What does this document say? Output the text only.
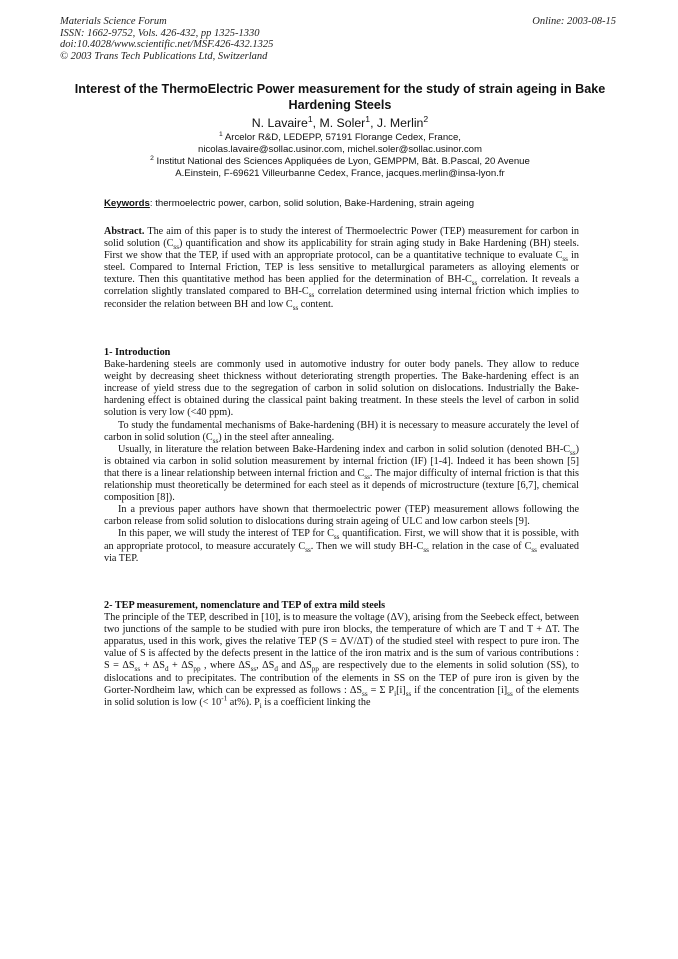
Materials Science Forum
ISSN: 1662-9752, Vols. 426-432, pp 1325-1330
doi:10.4028/www.scientific.net/MSF.426-432.1325
© 2003 Trans Tech Publications Ltd, Switzerland
Online: 2003-08-15
Interest of the ThermoElectric Power measurement for the study of strain ageing in Bake Hardening Steels
N. Lavaire$^1$, M. Soler$^1$, J. Merlin$^2$
$^1$ Arcelor R&D, LEDEPP, 57191 Florange Cedex, France,
nicolas.lavaire@sollac.usinor.com, michel.soler@sollac.usinor.com
$^2$ Institut National des Sciences Appliquées de Lyon, GEMPPM, Bât. B.Pascal, 20 Avenue
A.Einstein, F-69621 Villeurbanne Cedex, France, jacques.merlin@insa-lyon.fr
Keywords: thermoelectric power, carbon, solid solution, Bake-Hardening, strain ageing

Abstract. The aim of this paper is to study the interest of Thermoelectric Power (TEP) measurement for carbon in solid solution $(C_{ss})$ quantification and show its applicability for strain aging study in Bake Hardening (BH) steels. First we show that the TEP, if used with an appropriate protocol, can be a quantitative technique to evaluate $C_{ss}$ in steel. Compared to Internal Friction, TEP is less sensitive to metallurgical parameters as alloying elements or texture. Then this quantitative method has been applied for the determination of $BH-C_{ss}$ correlation. It reveals a correlation slightly translated compared to $BH-C_{ss}$ correlation determined using internal friction which implies to reconsider the relation between BH and low $C_{ss}$ content.

1- Introduction

Bake-hardening steels are commonly used in automotive industry for outer body panels. They allow to reduce weight by decreasing sheet thickness without deteriorating strength properties. The Bake-hardening effect is an increase of yield stress due to the segregation of carbon in solid solution on dislocations. Industrially the Bake-hardening effect is obtained during the classical paint baking treatment. In these steels the level of carbon in solid solution is very low (<40 ppm).

To study the fundamental mechanisms of Bake-hardening (BH) it is necessary to measure accurately the level of carbon in solid solution $(C_{ss})$ in the steel after annealing.

Usually, in literature the relation between Bake-Hardening index and carbon in solid solution (denoted $BH-C_{ss}$) is obtained via carbon in solid solution measurement by internal friction (IF) [1-4]. Indeed it has been shown [5] that there is a linear relationship between internal friction and $C_{ss}$. The major difficulty of internal friction is that this relationship must theoretically be determined for each steel as it depends of microstructure (texture [6,7], chemical composition [8]).

In a previous paper authors have shown that thermoelectric power (TEP) measurement allows following the carbon release from solid solution to dislocations during strain ageing of ULC and low carbon steels [9].

In this paper, we will study the interest of TEP for $C_{ss}$ quantification. First, we will show that it is possible, with an appropriate protocol, to measure accurately $C_{ss}$. Then we will study $BH-C_{ss}$ relation in the case of $C_{ss}$ evaluated via TEP.

2- TEP measurement, nomenclature and TEP of extra mild steels

The principle of the TEP, described in [10], is to measure the voltage (ΔV), arising from the Seebeck effect, between two junctions of the sample to be studied with pure iron blocks, the temperature of which are T and T + ΔT. The apparatus, used in this work, gives the relative TEP (S = ΔV/ΔT) of the studied steel with respect to pure iron. The value of S is affected by the defects present in the lattice of the iron matrix and is the sum of various contributions : $S = \Delta S_{ss} + \Delta S_d + \Delta S_{pp}$ , where $\Delta S_{ss}$, $\Delta S_d$ and $\Delta S_{pp}$ are respectively due to the elements in solid solution (SS), to dislocations and to precipitates. The contribution of the elements in SS on the TEP of pure iron is given by the Gorter-Nordheim law, which can be expressed as follows : $\Delta S_{ss} = \Sigma$ $P_i[i]_{ss}$ if the concentration $[i]_{ss}$ of the elements in solid solution is low (< $10^{-1}$ at%). $P_i$ is a coefficient linking the
